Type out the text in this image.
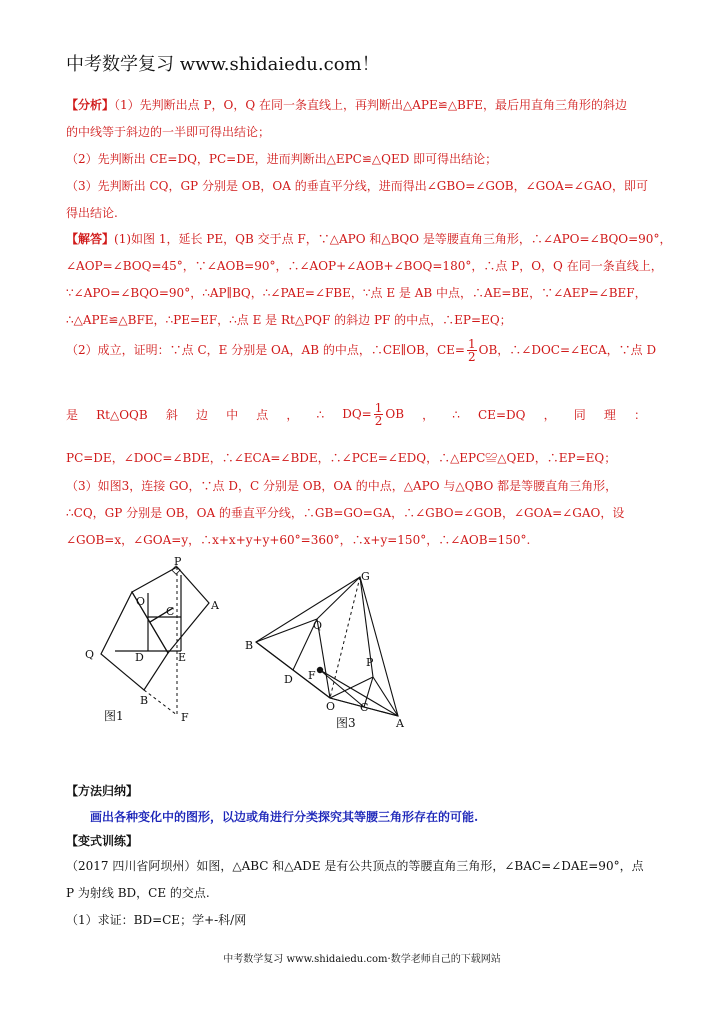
中考数学复习 www.shidaiedu.com！
【分析】（1）先判断出点 P，O，Q 在同一条直线上，再判断出△APE≌△BFE，最后用直角三角形的斜边
的中线等于斜边的一半即可得出结论；
（2）先判断出 CE=DQ，PC=DE，进而判断出△EPC≌△QED 即可得出结论；
（3）先判断出 CQ，GP 分别是 OB，OA 的垂直平分线，进而得出∠GBO=∠GOB，∠GOA=∠GAO，即可
得出结论.
【解答】(1)如图 1，延长 PE，QB 交于点 F，∵△APO 和△BQO 是等腰直角三角形，∴∠APO=∠BQO=90°，
∠AOP=∠BOQ=45°，∵∠AOB=90°，∴∠AOP+∠AOB+∠BOQ=180°，∴点 P，O，Q 在同一条直线上，
∵∠APO=∠BQO=90°，∴AP∥BQ，∴∠PAE=∠FBE，∵点 E 是 AB 中点，∴AE=BE，∵∠AEP=∠BEF，
∴△APE≌△BFE，∴PE=EF，∴点 E 是 Rt△PQF 的斜边 PF 的中点，∴EP=EQ；
（2）成立，证明：∵点 C，E 分别是 OA，AB 的中点，∴CE∥OB，$CE= \frac{1}{2}$ OB，∴∠DOC=∠ECA，∵点 D
是 Rt△OQB 斜 边 中 点 ， ∴ $DQ= \frac{1}{2}$ OB ， ∴ CE=DQ ， 同 理 ：
PC=DE，∠DOC=∠BDE，∴∠ECA=∠BDE，∴∠PCE=∠EDQ，∴△EPC≌△QED，∴EP=EQ；
（3）如图3，连接 GO，∵点 D，C 分别是 OB，OA 的中点，△APO 与△QBO 都是等腰直角三角形，
∴CQ，GP 分别是 OB，OA 的垂直平分线，∴GB=GO=GA，∴∠GBO=∠GOB，∠GOA=∠GAO，设
∠GOB=x，∠GOA=y，∴x+x+y+y+60°=360°，∴x+y=150°，∴∠AOB=150°.
P
O
C	A
Q	D	E
B
F
图1
G
Q
B
P
F
D
O C
A
图3
【方法归纳】
画出各种变化中的图形，以边或角进行分类探究其等腰三角形存在的可能.
【变式训练】
（2017 四川省阿坝州）如图，△ABC 和△ADE 是有公共顶点的等腰直角三角形，∠BAC=∠DAE=90°，点
P 为射线 BD，CE 的交点.
（1）求证：BD=CE；学+-科/网
中考数学复习 www.shidaiedu.com·数学老师自己的下载网站
